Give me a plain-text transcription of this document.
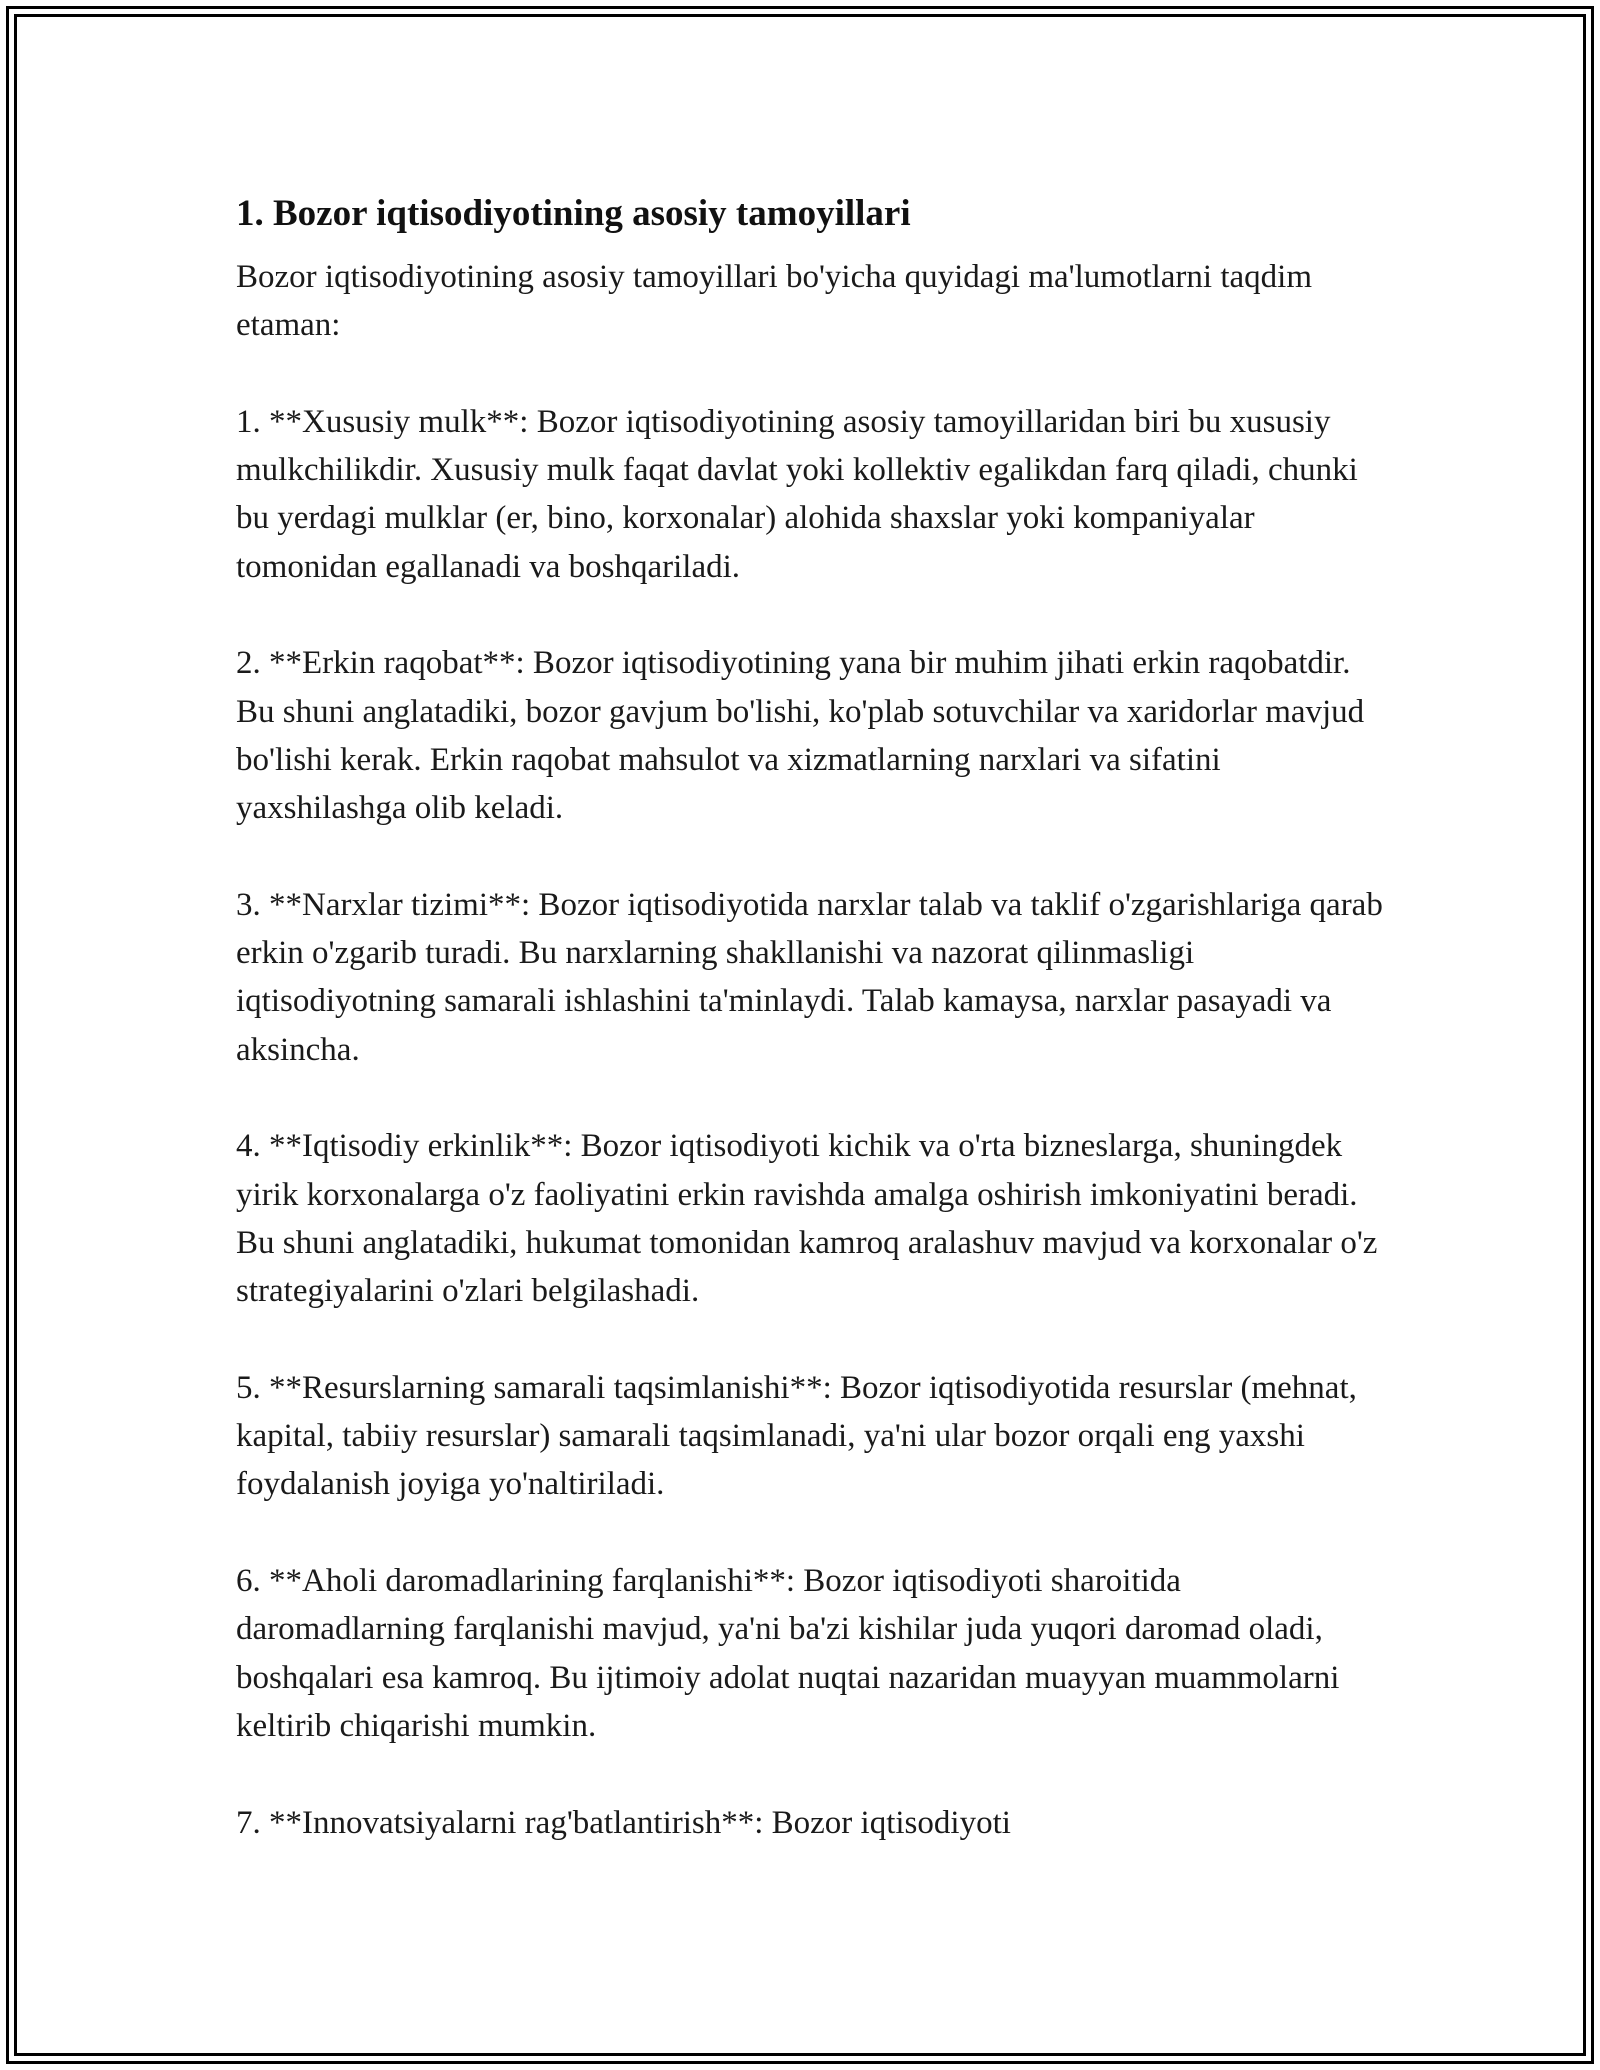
1. Bozor iqtisodiyotining asosiy tamoyillari

Bozor iqtisodiyotining asosiy tamoyillari bo'yicha quyidagi ma'lumotlarni taqdim etaman:

1. **Xususiy mulk**: Bozor iqtisodiyotining asosiy tamoyillaridan biri bu xususiy mulkchilikdir. Xususiy mulk faqat davlat yoki kollektiv egalikdan farq qiladi, chunki bu yerdagi mulklar (er, bino, korxonalar) alohida shaxslar yoki kompaniyalar tomonidan egallanadi va boshqariladi.

2. **Erkin raqobat**: Bozor iqtisodiyotining yana bir muhim jihati erkin raqobatdir. Bu shuni anglatadiki, bozor gavjum bo'lishi, ko'plab sotuvchilar va xaridorlar mavjud bo'lishi kerak. Erkin raqobat mahsulot va xizmatlarning narxlari va sifatini yaxshilashga olib keladi.

3. **Narxlar tizimi**: Bozor iqtisodiyotida narxlar talab va taklif o'zgarishlariga qarab erkin o'zgarib turadi. Bu narxlarning shakllanishi va nazorat qilinmasligi iqtisodiyotning samarali ishlashini ta'minlaydi. Talab kamaysa, narxlar pasayadi va aksincha.

4. **Iqtisodiy erkinlik**: Bozor iqtisodiyoti kichik va o'rta bizneslarga, shuningdek yirik korxonalarga o'z faoliyatini erkin ravishda amalga oshirish imkoniyatini beradi. Bu shuni anglatadiki, hukumat tomonidan kamroq aralashuv mavjud va korxonalar o'z strategiyalarini o'zlari belgilashadi.

5. **Resurslarning samarali taqsimlanishi**: Bozor iqtisodiyotida resurslar (mehnat, kapital, tabiiy resurslar) samarali taqsimlanadi, ya'ni ular bozor orqali eng yaxshi foydalanish joyiga yo'naltiriladi.

6. **Aholi daromadlarining farqlanishi**: Bozor iqtisodiyoti sharoitida daromadlarning farqlanishi mavjud, ya'ni ba'zi kishilar juda yuqori daromad oladi, boshqalari esa kamroq. Bu ijtimoiy adolat nuqtai nazaridan muayyan muammolarni keltirib chiqarishi mumkin.

7. **Innovatsiyalarni rag'batlantirish**: Bozor iqtisodiyoti
